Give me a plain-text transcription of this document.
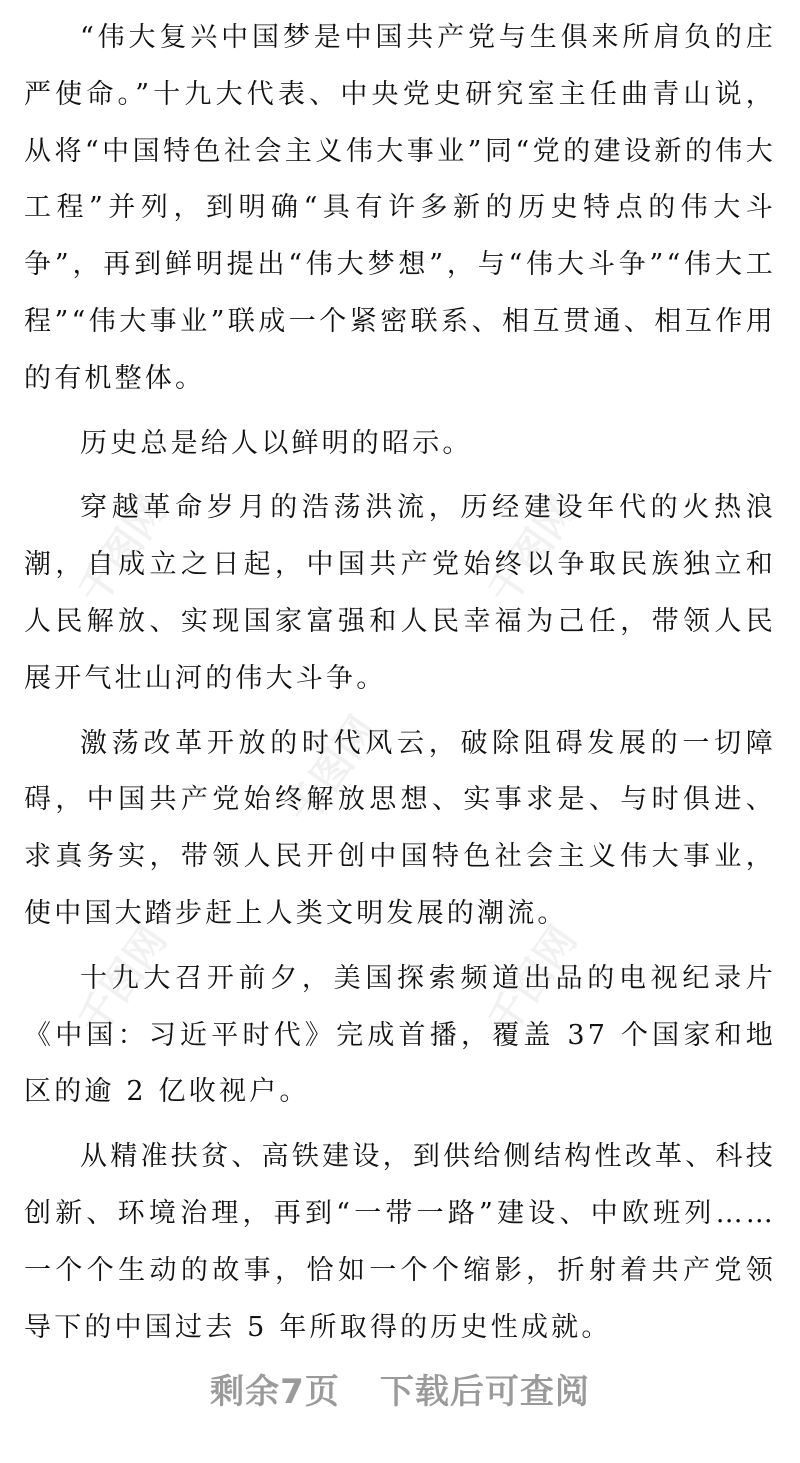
千图网	千图网
千图网
千图网
千图网

“伟大复兴中国梦是中国共产党与生俱来所肩负的庄严使命。”十九大代表、中央党史研究室主任曲青山说，从将“中国特色社会主义伟大事业”同“党的建设新的伟大工程”并列，到明确“具有许多新的历史特点的伟大斗争”，再到鲜明提出“伟大梦想”，与“伟大斗争”“伟大工程”“伟大事业”联成一个紧密联系、相互贯通、相互作用的有机整体。

历史总是给人以鲜明的昭示。

穿越革命岁月的浩荡洪流，历经建设年代的火热浪潮，自成立之日起，中国共产党始终以争取民族独立和人民解放、实现国家富强和人民幸福为己任，带领人民展开气壮山河的伟大斗争。

激荡改革开放的时代风云，破除阻碍发展的一切障碍，中国共产党始终解放思想、实事求是、与时俱进、求真务实，带领人民开创中国特色社会主义伟大事业，使中国大踏步赶上人类文明发展的潮流。

十九大召开前夕，美国探索频道出品的电视纪录片《中国：习近平时代》完成首播，覆盖 37 个国家和地区的逾 2 亿收视户。

从精准扶贫、高铁建设，到供给侧结构性改革、科技创新、环境治理，再到“一带一路”建设、中欧班列……一个个生动的故事，恰如一个个缩影，折射着共产党领导下的中国过去 5 年所取得的历史性成就。

剩余7页 下载后可查阅
